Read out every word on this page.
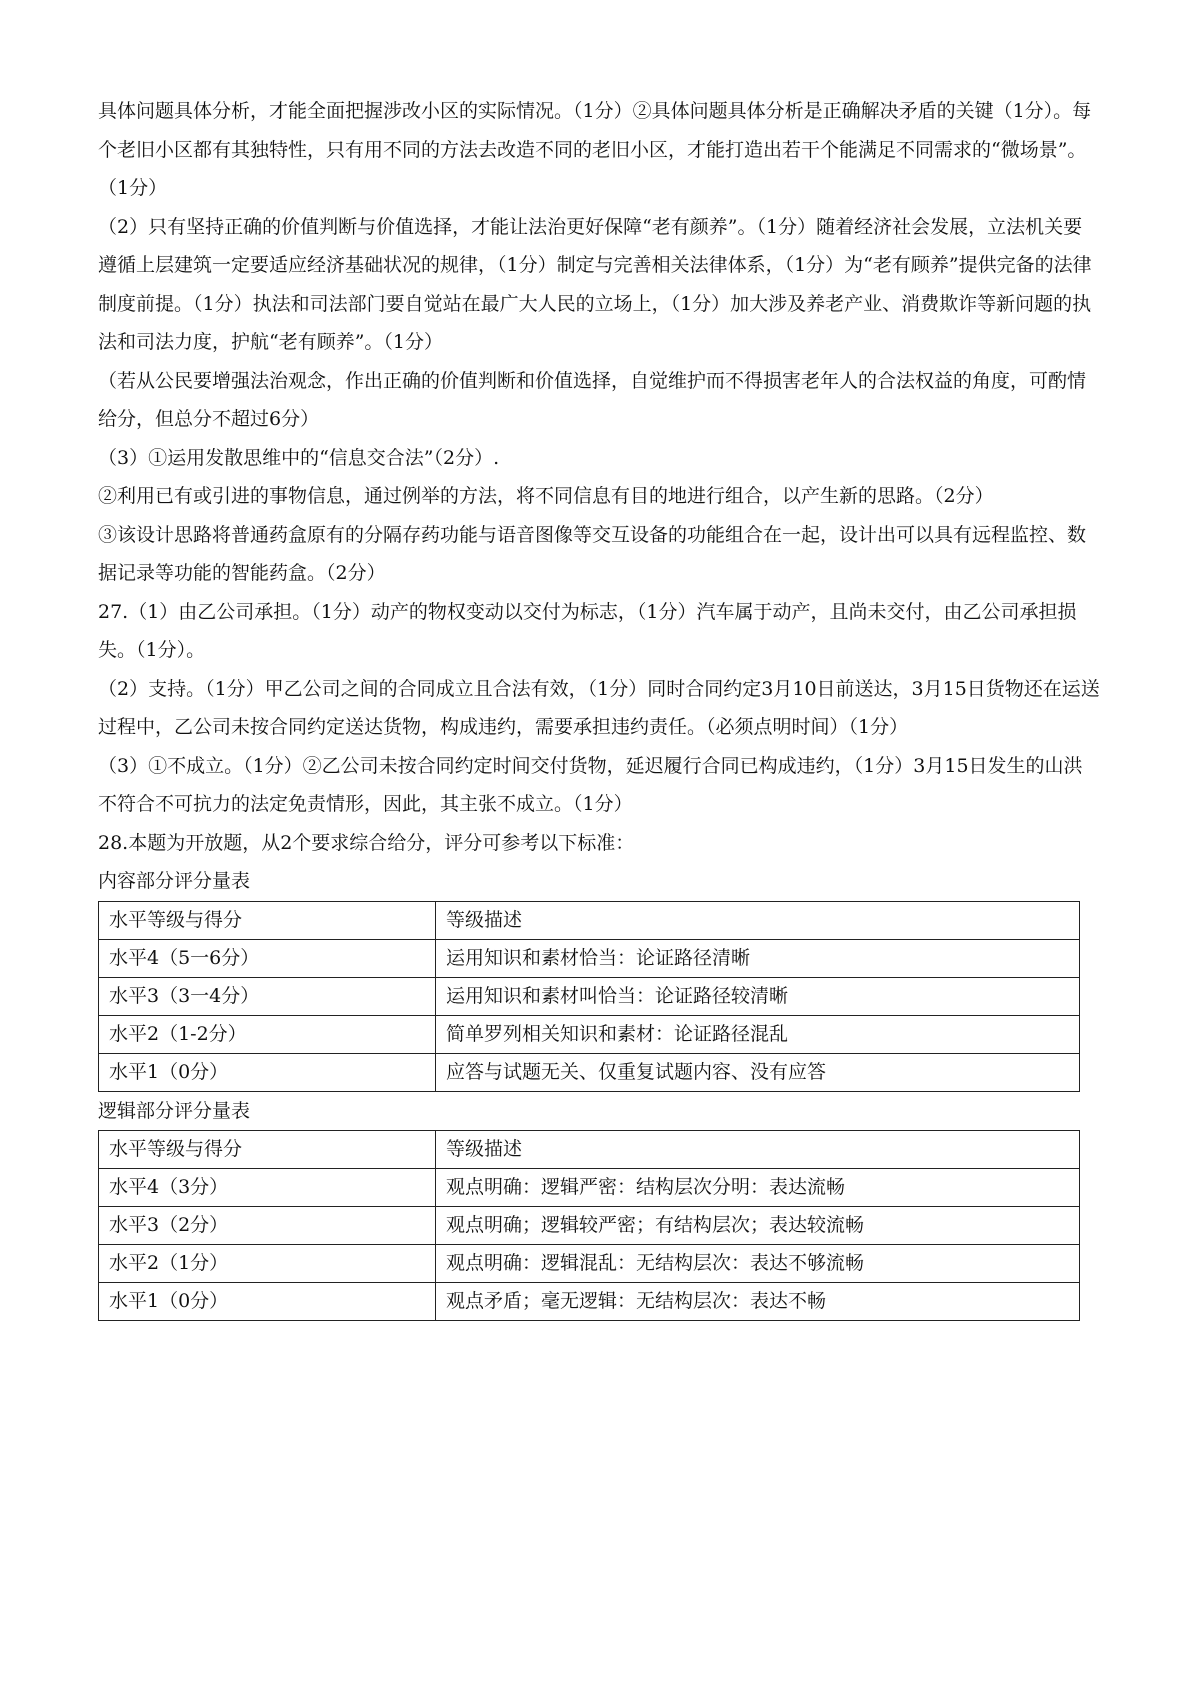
具体问题具体分析，才能全面把握涉改小区的实际情况。（1分）②具体问题具体分析是正确解决矛盾的关键（1分）。每个老旧小区都有其独特性，只有用不同的方法去改造不同的老旧小区，才能打造出若干个能满足不同需求的“微场景”。（1分）

（2）只有坚持正确的价值判断与价值选择，才能让法治更好保障“老有颜养”。（1分）随着经济社会发展，立法机关要遵循上层建筑一定要适应经济基础状况的规律，（1分）制定与完善相关法律体系，（1分）为“老有顾养”提供完备的法律制度前提。（1分）执法和司法部门要自觉站在最广大人民的立场上，（1分）加大涉及养老产业、消费欺诈等新问题的执法和司法力度，护航“老有顾养”。（1分）

（若从公民要增强法治观念，作出正确的价值判断和价值选择，自觉维护而不得损害老年人的合法权益的角度，可酌情给分，但总分不超过6分）

（3）①运用发散思维中的“信息交合法”（2分）.

②利用已有或引进的事物信息，通过例举的方法，将不同信息有目的地进行组合，以产生新的思路。（2分）

③该设计思路将普通药盒原有的分隔存药功能与语音图像等交互设备的功能组合在一起，设计出可以具有远程监控、数据记录等功能的智能药盒。（2分）

27.（1）由乙公司承担。（1分）动产的物权变动以交付为标志，（1分）汽车属于动产，且尚未交付，由乙公司承担损失。（1分）。

（2）支持。（1分）甲乙公司之间的合同成立且合法有效，（1分）同时合同约定3月10日前送达，3月15日货物还在运送过程中，乙公司未按合同约定送达货物，构成违约，需要承担违约责任。（必须点明时间）（1分）

（3）①不成立。（1分）②乙公司未按合同约定时间交付货物，延迟履行合同已构成违约，（1分）3月15日发生的山洪不符合不可抗力的法定免责情形，因此，其主张不成立。（1分）

28.本题为开放题，从2个要求综合给分，评分可参考以下标准：

内容部分评分量表

水平等级与得分	等级描述
水平4（5一6分）	运用知识和素材恰当：论证路径清晰
水平3（3一4分）	运用知识和素材叫恰当：论证路径较清晰
水平2（1-2分）	简单罗列相关知识和素材：论证路径混乱
水平1（0分）	应答与试题无关、仅重复试题内容、没有应答

逻辑部分评分量表

水平等级与得分	等级描述
水平4（3分）	观点明确：逻辑严密：结构层次分明：表达流畅
水平3（2分）	观点明确；逻辑较严密；有结构层次；表达较流畅
水平2（1分）	观点明确：逻辑混乱：无结构层次：表达不够流畅
水平1（0分）	观点矛盾；毫无逻辑：无结构层次：表达不畅
